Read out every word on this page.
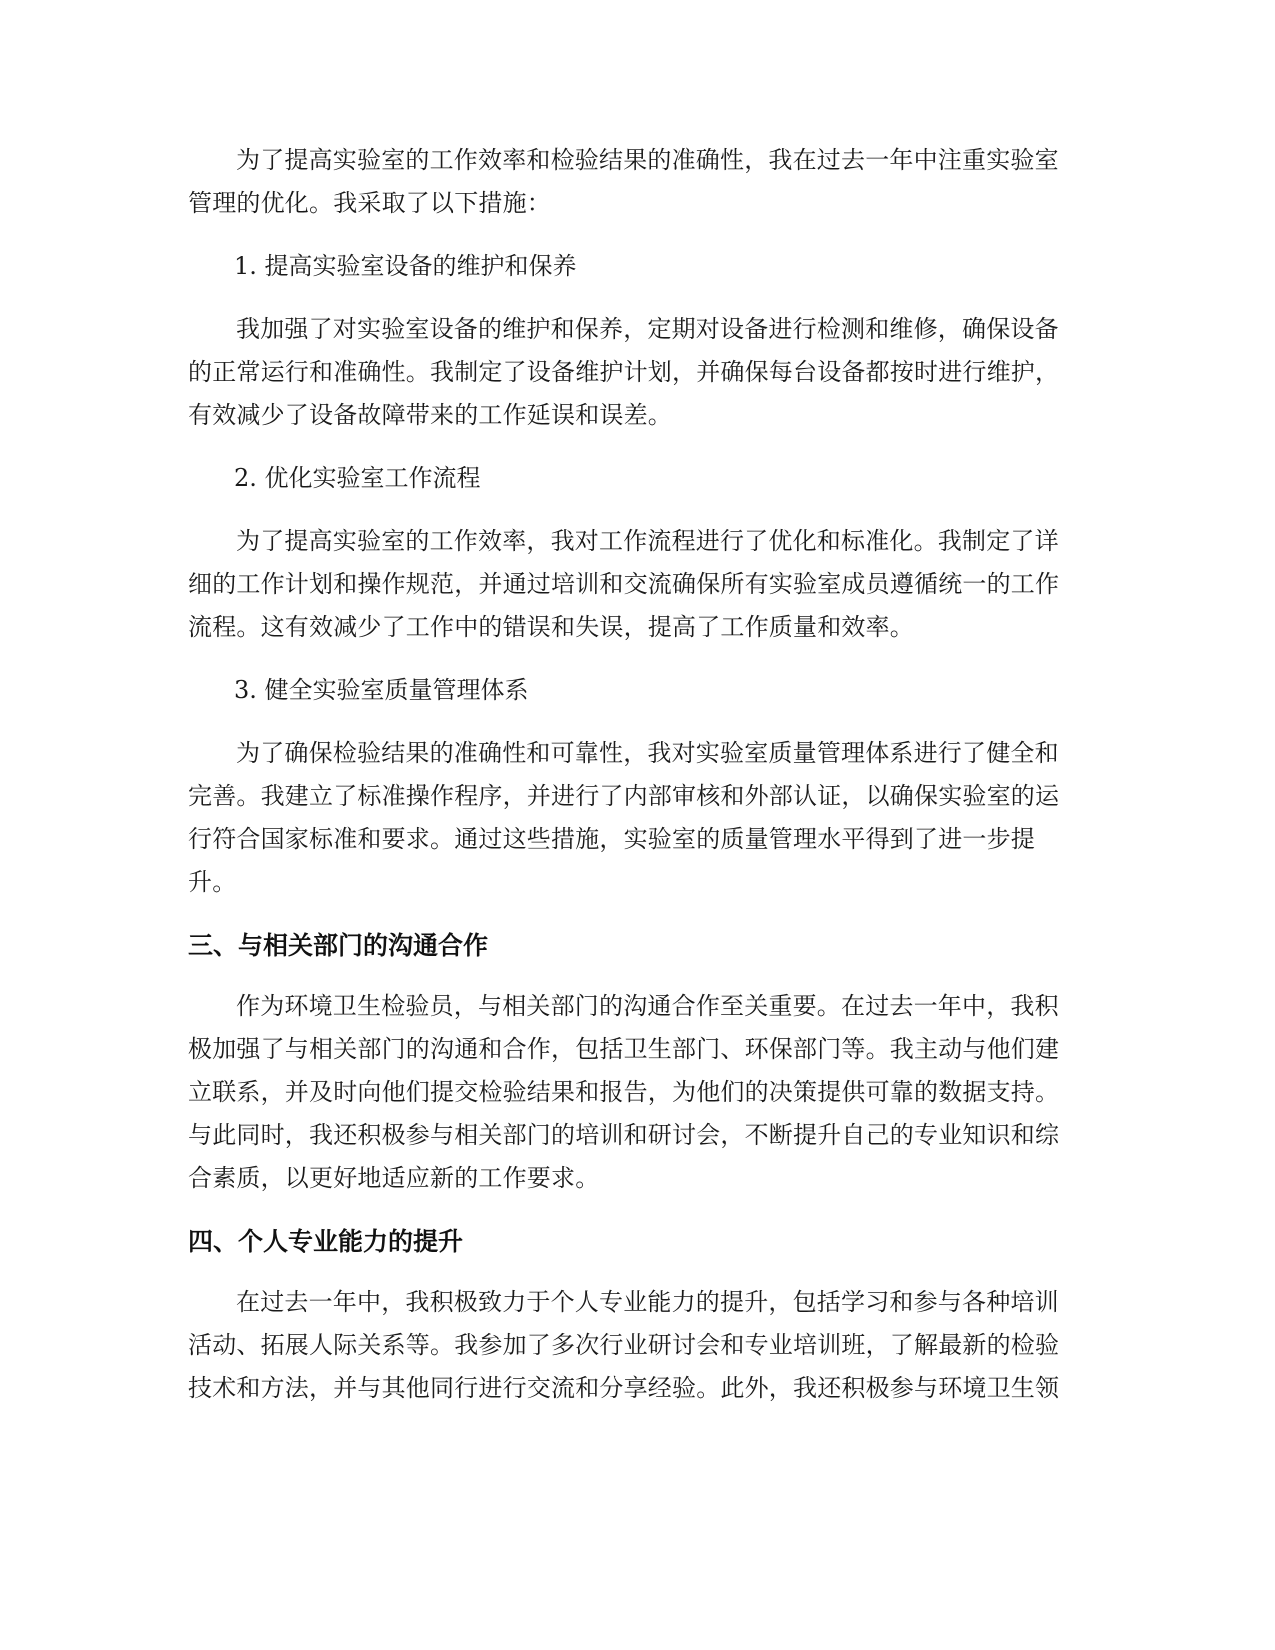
为了提高实验室的工作效率和检验结果的准确性，我在过去一年中注重实验室
管理的优化。我采取了以下措施：

1. 提高实验室设备的维护和保养

我加强了对实验室设备的维护和保养，定期对设备进行检测和维修，确保设备
的正常运行和准确性。我制定了设备维护计划，并确保每台设备都按时进行维护，
有效减少了设备故障带来的工作延误和误差。

2. 优化实验室工作流程

为了提高实验室的工作效率，我对工作流程进行了优化和标准化。我制定了详
细的工作计划和操作规范，并通过培训和交流确保所有实验室成员遵循统一的工作
流程。这有效减少了工作中的错误和失误，提高了工作质量和效率。

3. 健全实验室质量管理体系

为了确保检验结果的准确性和可靠性，我对实验室质量管理体系进行了健全和
完善。我建立了标准操作程序，并进行了内部审核和外部认证，以确保实验室的运
行符合国家标准和要求。通过这些措施，实验室的质量管理水平得到了进一步提
升。

三、与相关部门的沟通合作

作为环境卫生检验员，与相关部门的沟通合作至关重要。在过去一年中，我积
极加强了与相关部门的沟通和合作，包括卫生部门、环保部门等。我主动与他们建
立联系，并及时向他们提交检验结果和报告，为他们的决策提供可靠的数据支持。
与此同时，我还积极参与相关部门的培训和研讨会，不断提升自己的专业知识和综
合素质，以更好地适应新的工作要求。

四、个人专业能力的提升

在过去一年中，我积极致力于个人专业能力的提升，包括学习和参与各种培训
活动、拓展人际关系等。我参加了多次行业研讨会和专业培训班，了解最新的检验
技术和方法，并与其他同行进行交流和分享经验。此外，我还积极参与环境卫生领
